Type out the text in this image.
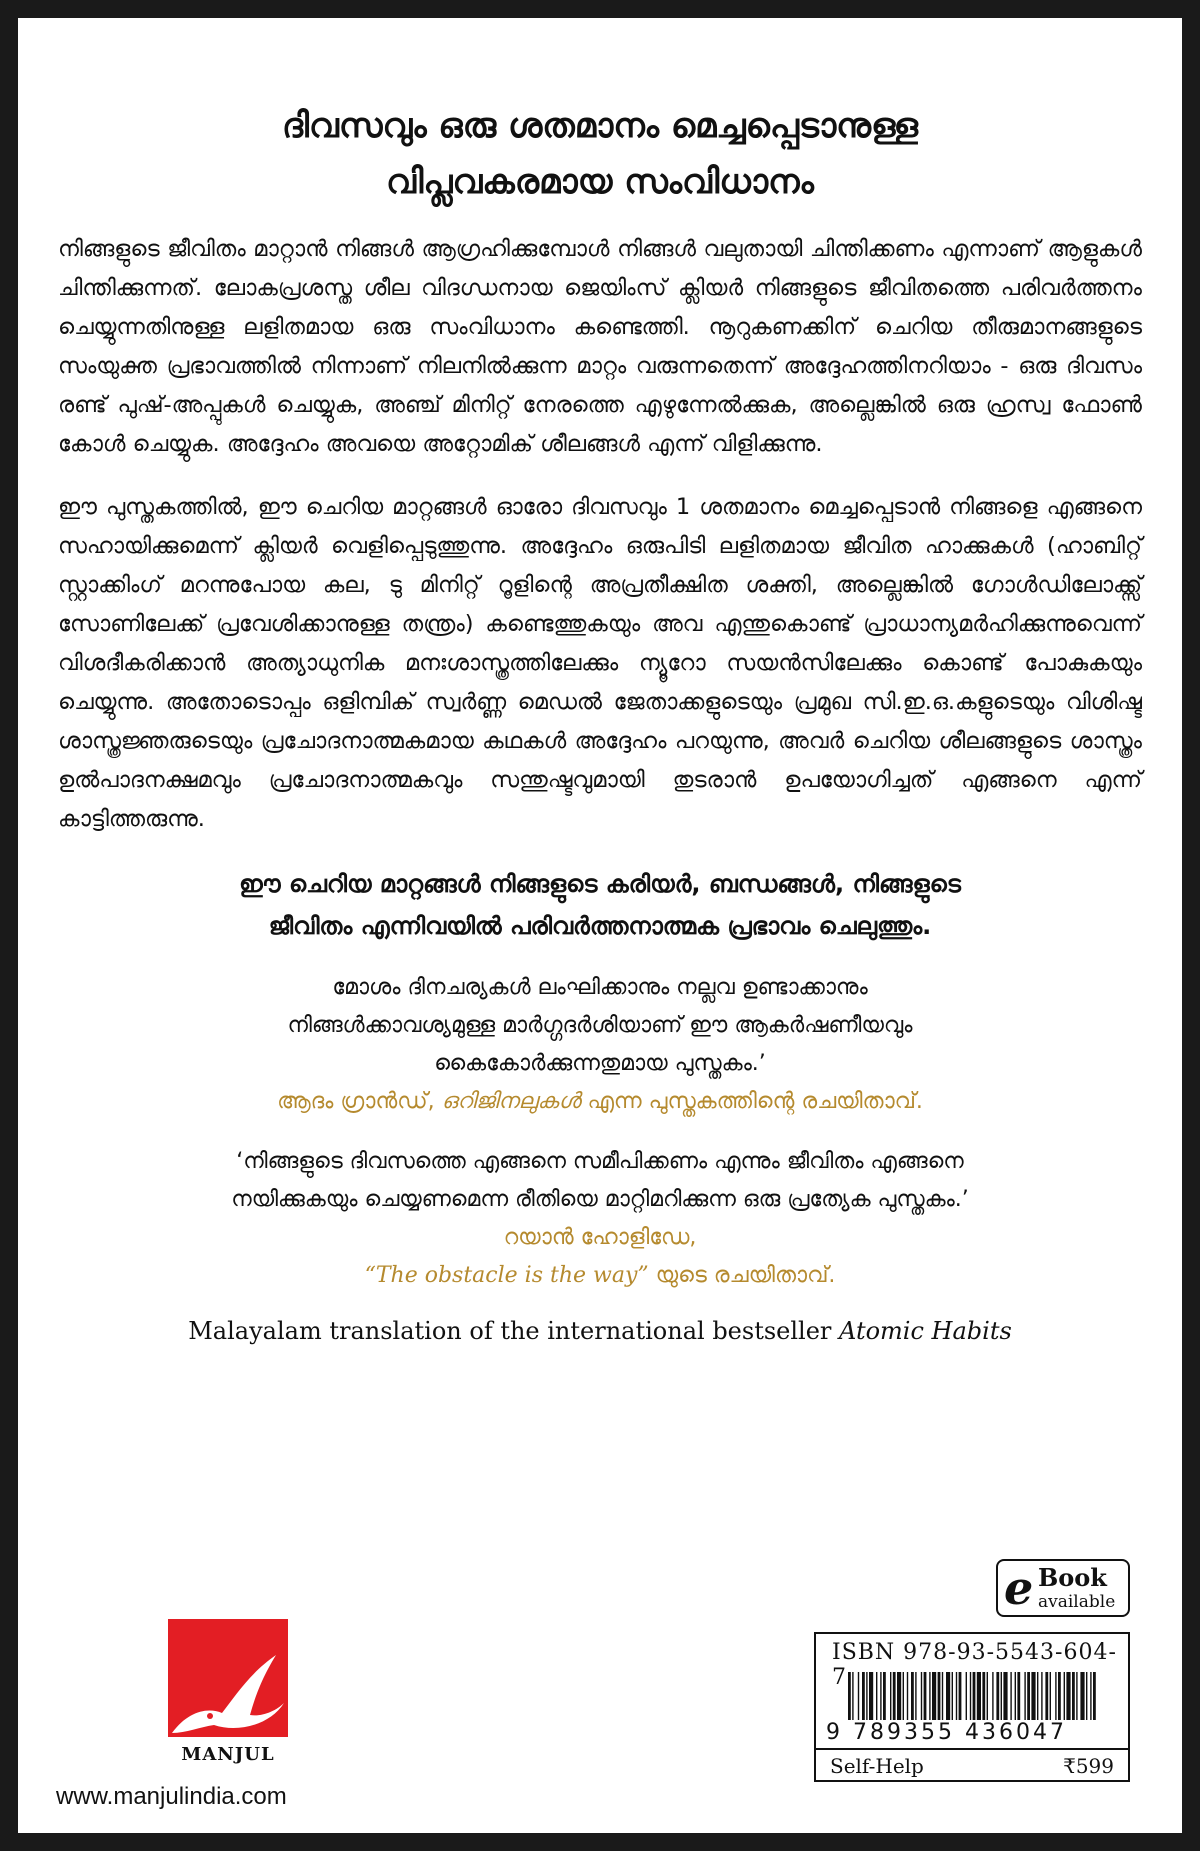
ദിവസവും ഒരു ശതമാനം മെച്ചപ്പെടാനുള്ള
വിപ്ലവകരമായ സംവിധാനം

നിങ്ങളുടെ ജീവിതം മാറ്റാൻ നിങ്ങൾ ആഗ്രഹിക്കുമ്പോൾ നിങ്ങൾ വലുതായി ചിന്തിക്കണം എന്നാണ് ആളുകൾ ചിന്തിക്കുന്നത്. ലോകപ്രശസ്ത ശീല വിദഗ്ധനായ ജെയിംസ് ക്ലിയർ നിങ്ങളുടെ ജീവിതത്തെ പരിവർത്തനം ചെയ്യുന്നതിനുള്ള ലളിതമായ ഒരു സംവിധാനം കണ്ടെത്തി. നൂറുകണക്കിന് ചെറിയ തീരുമാനങ്ങളുടെ സംയുക്ത പ്രഭാവത്തിൽ നിന്നാണ് നിലനിൽക്കുന്ന മാറ്റം വരുന്നതെന്ന് അദ്ദേഹത്തിനറിയാം - ഒരു ദിവസം രണ്ട് പുഷ്-അപ്പുകൾ ചെയ്യുക, അഞ്ച് മിനിറ്റ് നേരത്തെ എഴുന്നേൽക്കുക, അല്ലെങ്കിൽ ഒരു ഹ്രസ്വ ഫോൺ കോൾ ചെയ്യുക. അദ്ദേഹം അവയെ അറ്റോമിക് ശീലങ്ങൾ എന്ന് വിളിക്കുന്നു.

ഈ പുസ്തകത്തിൽ, ഈ ചെറിയ മാറ്റങ്ങൾ ഓരോ ദിവസവും 1 ശതമാനം മെച്ചപ്പെടാൻ നിങ്ങളെ എങ്ങനെ സഹായിക്കുമെന്ന് ക്ലിയർ വെളിപ്പെടുത്തുന്നു. അദ്ദേഹം ഒരുപിടി ലളിതമായ ജീവിത ഹാക്കുകൾ (ഹാബിറ്റ് സ്റ്റാക്കിംഗ് മറന്നുപോയ കല, ടു മിനിറ്റ് റൂളിന്റെ അപ്രതീക്ഷിത ശക്തി, അല്ലെങ്കിൽ ഗോൾഡിലോക്ക്സ് സോണിലേക്ക് പ്രവേശിക്കാനുള്ള തന്ത്രം) കണ്ടെത്തുകയും അവ എന്തുകൊണ്ട് പ്രാധാന്യമർഹിക്കുന്നുവെന്ന് വിശദീകരിക്കാൻ അത്യാധുനിക മനഃശാസ്ത്രത്തിലേക്കും ന്യൂറോ സയൻസിലേക്കും കൊണ്ട് പോകുകയും ചെയ്യുന്നു. അതോടൊപ്പം ഒളിമ്പിക് സ്വർണ്ണ മെഡൽ ജേതാക്കളുടെയും പ്രമുഖ സി.ഇ.ഒ.കളുടെയും വിശിഷ്ട ശാസ്ത്രജ്ഞരുടെയും പ്രചോദനാത്മകമായ കഥകൾ അദ്ദേഹം പറയുന്നു, അവർ ചെറിയ ശീലങ്ങളുടെ ശാസ്ത്രം ഉൽപാദനക്ഷമവും പ്രചോദനാത്മകവും സന്തുഷ്ടവുമായി തുടരാൻ ഉപയോഗിച്ചത് എങ്ങനെ എന്ന് കാട്ടിത്തരുന്നു.

ഈ ചെറിയ മാറ്റങ്ങൾ നിങ്ങളുടെ കരിയർ, ബന്ധങ്ങൾ, നിങ്ങളുടെ
ജീവിതം എന്നിവയിൽ പരിവർത്തനാത്മക പ്രഭാവം ചെലുത്തും.
മോശം ദിനചര്യകൾ ലംഘിക്കാനും നല്ലവ ഉണ്ടാക്കാനും
നിങ്ങൾക്കാവശ്യമുള്ള മാർഗ്ഗദർശിയാണ് ഈ ആകർഷണീയവും
കൈകോർക്കുന്നതുമായ പുസ്തകം.’
ആദം ഗ്രാൻഡ്, ഒറിജിനലുകൾ എന്ന പുസ്തകത്തിന്റെ രചയിതാവ്.
‘നിങ്ങളുടെ ദിവസത്തെ എങ്ങനെ സമീപിക്കണം എന്നും ജീവിതം എങ്ങനെ
നയിക്കുകയും ചെയ്യണമെന്ന രീതിയെ മാറ്റിമറിക്കുന്ന ഒരു പ്രത്യേക പുസ്തകം.’
റയാൻ ഹോളിഡേ,
“The obstacle is the way” യുടെ രചയിതാവ്.

Malayalam translation of the international bestseller Atomic Habits

e Book
available
ISBN 978-93-5543-604-7
9 789355 436047
Self-Help	₹599
MANJUL
www.manjulindia.com
